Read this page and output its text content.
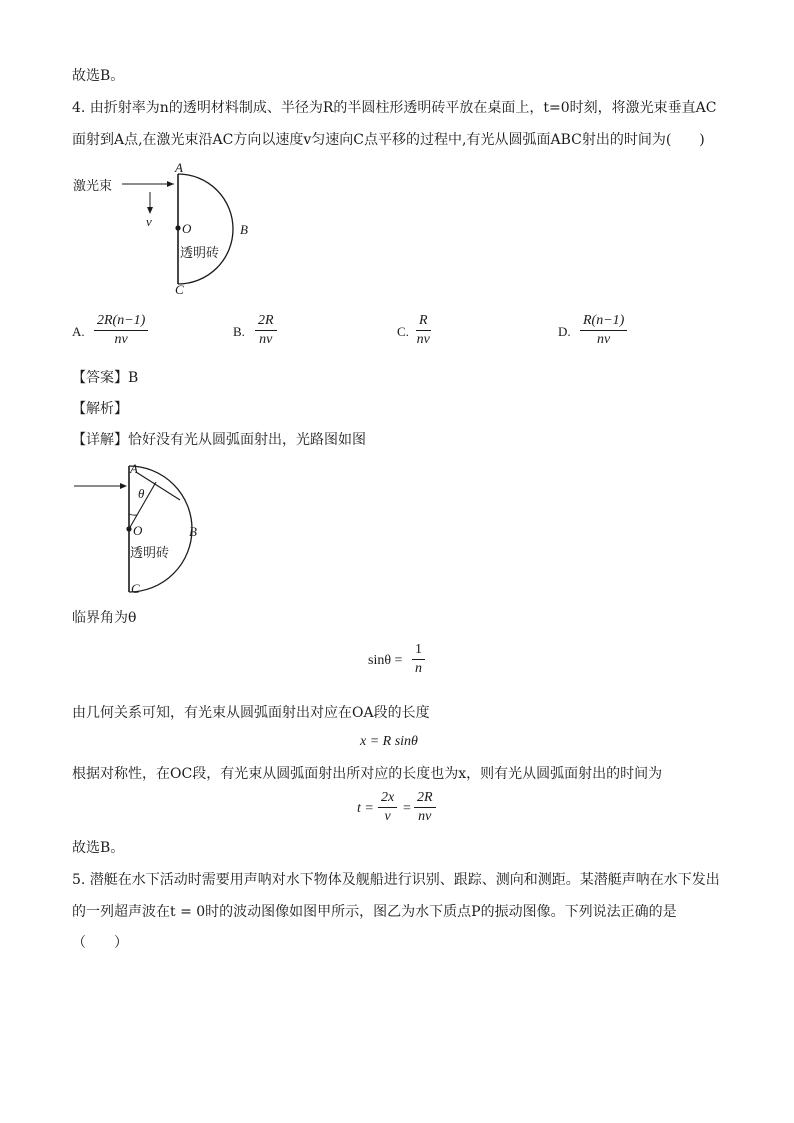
故选B。
4. 由折射率为n的透明材料制成、半径为R的半圆柱形透明砖平放在桌面上，t=0时刻，将激光束垂直AC
面射到A点,在激光束沿AC方向以速度v匀速向C点平移的过程中,有光从圆弧面ABC射出的时间为(　　)
激光束
v
A
O	B
C
透明砖
A. $\frac{2R(n-1)}{nv}$	B. $\frac{2R}{nv}$	C. $\frac{R}{nv}$	D. $\frac{R(n-1)}{nv}$
【答案】B
【解析】
【详解】恰好没有光从圆弧面射出，光路图如图
A
θ
O	B
C
透明砖
临界角为θ
$\sin\theta = \frac{1}{n}$
由几何关系可知，有光束从圆弧面射出对应在OA段的长度
x = R sinθ
根据对称性，在OC段，有光束从圆弧面射出所对应的长度也为x，则有光从圆弧面射出的时间为
$t = \frac{2x}{v} = \frac{2R}{nv}$
故选B。
5. 潜艇在水下活动时需要用声呐对水下物体及舰船进行识别、跟踪、测向和测距。某潜艇声呐在水下发出
的一列超声波在t = 0时的波动图像如图甲所示，图乙为水下质点P的振动图像。下列说法正确的是
（　　）
